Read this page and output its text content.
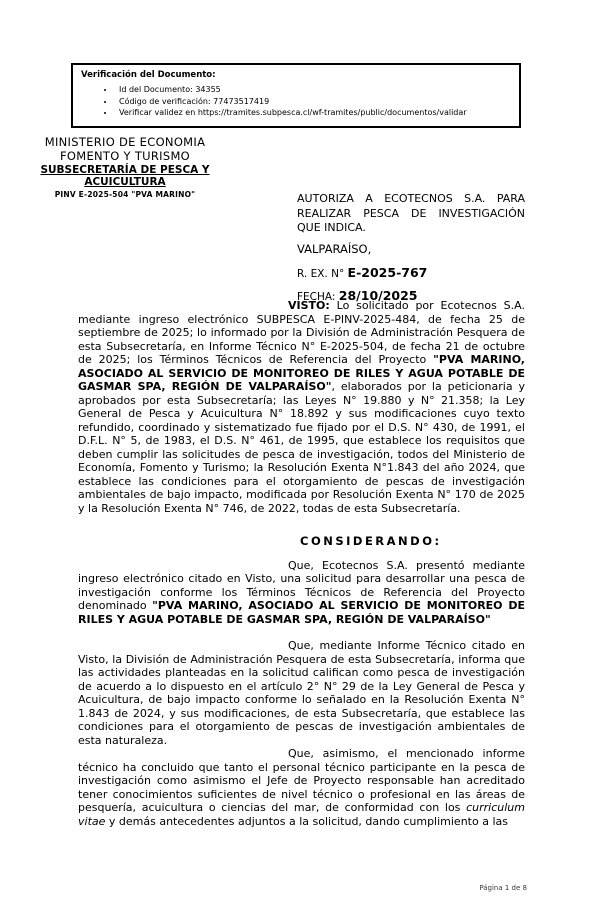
Verificación del Documento:
• Id del Documento: 34355
• Código de verificación: 77473517419
• Verificar validez en https://tramites.subpesca.cl/wf-tramites/public/documentos/validar
MINISTERIO DE ECONOMIA
FOMENTO Y TURISMO
SUBSECRETARÍA DE PESCA Y ACUICULTURA
PINV E-2025-504 "PVA MARINO"	AUTORIZA A ECOTECNOS S.A. PARA REALIZAR PESCA DE INVESTIGACIÓN QUE INDICA.
VALPARAÍSO,
R. EX. N° E-2025-767
FECHA: 28/10/2025

VISTO: Lo solicitado por Ecotecnos S.A. mediante ingreso electrónico SUBPESCA E-PINV-2025-484, de fecha 25 de septiembre de 2025; lo informado por la División de Administración Pesquera de esta Subsecretaría, en Informe Técnico N° E-2025-504, de fecha 21 de octubre de 2025; los Términos Técnicos de Referencia del Proyecto "PVA MARINO, ASOCIADO AL SERVICIO DE MONITOREO DE RILES Y AGUA POTABLE DE GASMAR SPA, REGIÓN DE VALPARAÍSO", elaborados por la peticionaria y aprobados por esta Subsecretaría; las Leyes N° 19.880 y N° 21.358; la Ley General de Pesca y Acuicultura N° 18.892 y sus modificaciones cuyo texto refundido, coordinado y sistematizado fue fijado por el D.S. N° 430, de 1991, el D.F.L. N° 5, de 1983, el D.S. N° 461, de 1995, que establece los requisitos que deben cumplir las solicitudes de pesca de investigación, todos del Ministerio de Economía, Fomento y Turismo; la Resolución Exenta N°1.843 del año 2024, que establece las condiciones para el otorgamiento de pescas de investigación ambientales de bajo impacto, modificada por Resolución Exenta N° 170 de 2025 y la Resolución Exenta N° 746, de 2022, todas de esta Subsecretaría.

CONSIDERANDO:

Que, Ecotecnos S.A. presentó mediante ingreso electrónico citado en Visto, una solicitud para desarrollar una pesca de investigación conforme los Términos Técnicos de Referencia del Proyecto denominado "PVA MARINO, ASOCIADO AL SERVICIO DE MONITOREO DE RILES Y AGUA POTABLE DE GASMAR SPA, REGIÓN DE VALPARAÍSO"

Que, mediante Informe Técnico citado en Visto, la División de Administración Pesquera de esta Subsecretaría, informa que las actividades planteadas en la solicitud califican como pesca de investigación de acuerdo a lo dispuesto en el artículo 2° N° 29 de la Ley General de Pesca y Acuicultura, de bajo impacto conforme lo señalado en la Resolución Exenta N° 1.843 de 2024, y sus modificaciones, de esta Subsecretaría, que establece las condiciones para el otorgamiento de pescas de investigación ambientales de esta naturaleza.

Que, asimismo, el mencionado informe técnico ha concluido que tanto el personal técnico participante en la pesca de investigación como asimismo el Jefe de Proyecto responsable han acreditado tener conocimientos suficientes de nivel técnico o profesional en las áreas de pesquería, acuicultura o ciencias del mar, de conformidad con los curriculum vitae y demás antecedentes adjuntos a la solicitud, dando cumplimiento a las

Página 1 de 8
